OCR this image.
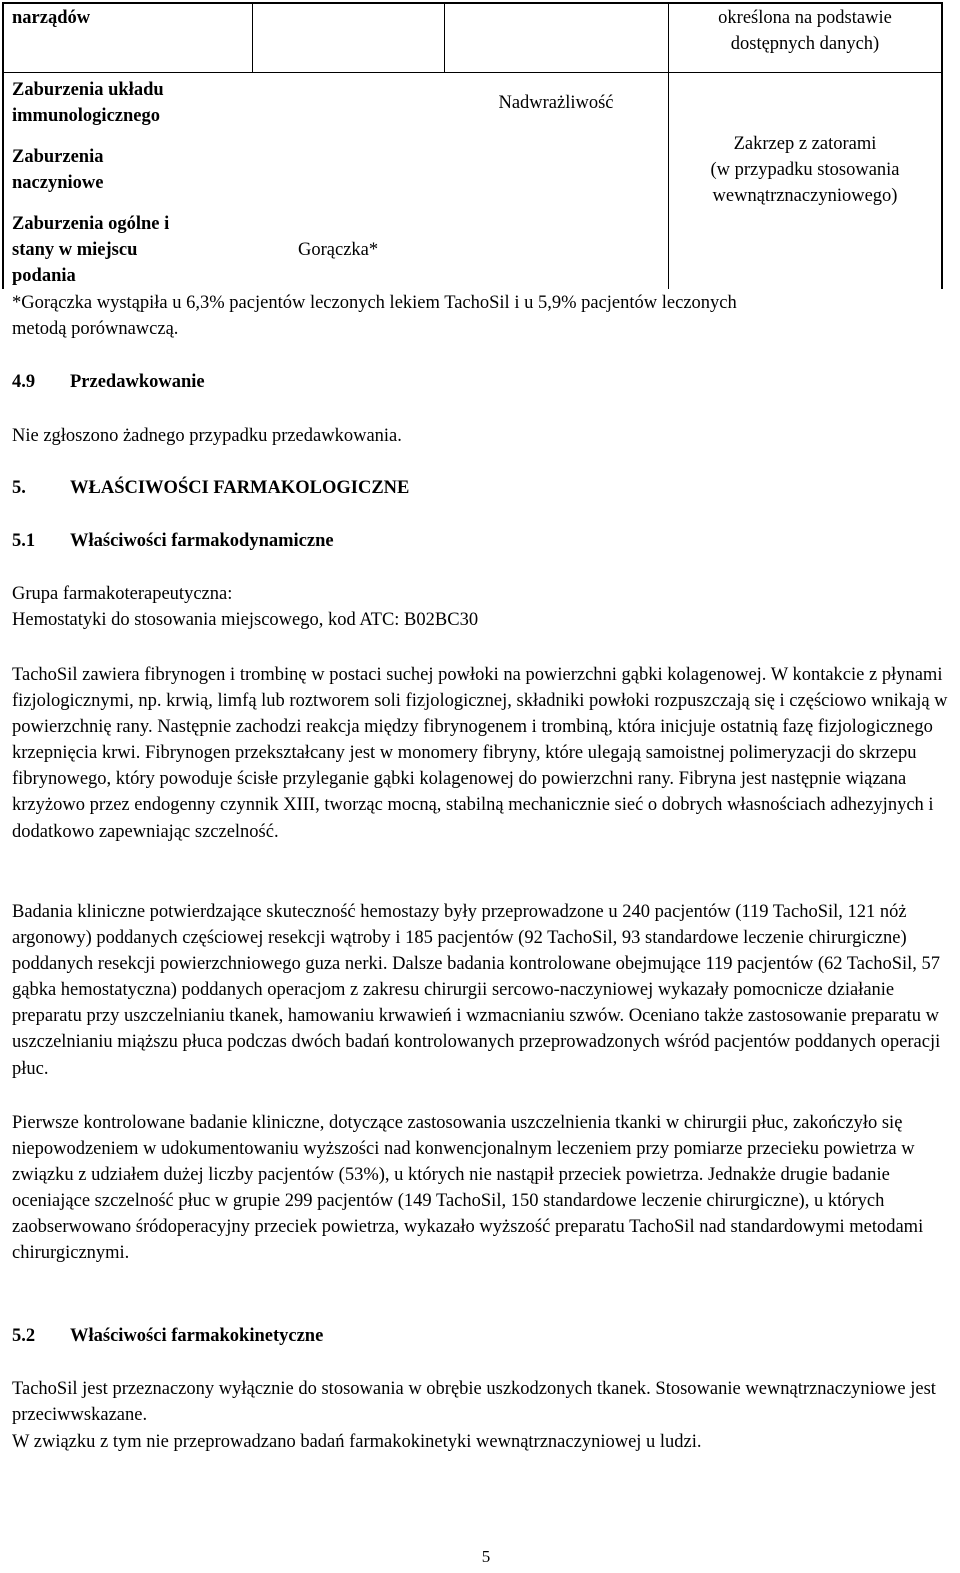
narządów	określona na podstawie
dostępnych danych)
Zaburzenia układu
immunologicznego
Nadwrażliwość
Zaburzenia
naczyniowe
Zakrzep z zatorami
(w przypadku stosowania
wewnątrznaczyniowego)
Zaburzenia ogólne i
stany w miejscu
podania
Gorączka*
*Gorączka wystąpiła u 6,3% pacjentów leczonych lekiem TachoSil i u 5,9% pacjentów leczonych
metodą porównawczą.
4.9 Przedawkowanie
Nie zgłoszono żadnego przypadku przedawkowania.
5. WŁAŚCIWOŚCI FARMAKOLOGICZNE
5.1 Właściwości farmakodynamiczne
Grupa farmakoterapeutyczna:
Hemostatyki do stosowania miejscowego, kod ATC: B02BC30
TachoSil zawiera fibrynogen i trombinę w postaci suchej powłoki na powierzchni gąbki kolagenowej. W kontakcie z płynami fizjologicznymi, np. krwią, limfą lub roztworem soli fizjologicznej, składniki powłoki rozpuszczają się i częściowo wnikają w powierzchnię rany. Następnie zachodzi reakcja między fibrynogenem i trombiną, która inicjuje ostatnią fazę fizjologicznego krzepnięcia krwi. Fibrynogen przekształcany jest w monomery fibryny, które ulegają samoistnej polimeryzacji do skrzepu fibrynowego, który powoduje ścisłe przyleganie gąbki kolagenowej do powierzchni rany. Fibryna jest następnie wiązana krzyżowo przez endogenny czynnik XIII, tworząc mocną, stabilną mechanicznie sieć o dobrych własnościach adhezyjnych i dodatkowo zapewniając szczelność.
Badania kliniczne potwierdzające skuteczność hemostazy były przeprowadzone u 240 pacjentów (119 TachoSil, 121 nóż argonowy) poddanych częściowej resekcji wątroby i 185 pacjentów (92 TachoSil, 93 standardowe leczenie chirurgiczne) poddanych resekcji powierzchniowego guza nerki. Dalsze badania kontrolowane obejmujące 119 pacjentów (62 TachoSil, 57 gąbka hemostatyczna) poddanych operacjom z zakresu chirurgii sercowo-naczyniowej wykazały pomocnicze działanie preparatu przy uszczelnianiu tkanek, hamowaniu krwawień i wzmacnianiu szwów. Oceniano także zastosowanie preparatu w uszczelnianiu miąższu płuca podczas dwóch badań kontrolowanych przeprowadzonych wśród pacjentów poddanych operacji płuc.
Pierwsze kontrolowane badanie kliniczne, dotyczące zastosowania uszczelnienia tkanki w chirurgii płuc, zakończyło się niepowodzeniem w udokumentowaniu wyższości nad konwencjonalnym leczeniem przy pomiarze przecieku powietrza w związku z udziałem dużej liczby pacjentów (53%), u których nie nastąpił przeciek powietrza. Jednakże drugie badanie oceniające szczelność płuc w grupie 299 pacjentów (149 TachoSil, 150 standardowe leczenie chirurgiczne), u których zaobserwowano śródoperacyjny przeciek powietrza, wykazało wyższość preparatu TachoSil nad standardowymi metodami chirurgicznymi.
5.2 Właściwości farmakokinetyczne
TachoSil jest przeznaczony wyłącznie do stosowania w obrębie uszkodzonych tkanek. Stosowanie wewnątrznaczyniowe jest przeciwwskazane.
W związku z tym nie przeprowadzano badań farmakokinetyki wewnątrznaczyniowej u ludzi.
5
